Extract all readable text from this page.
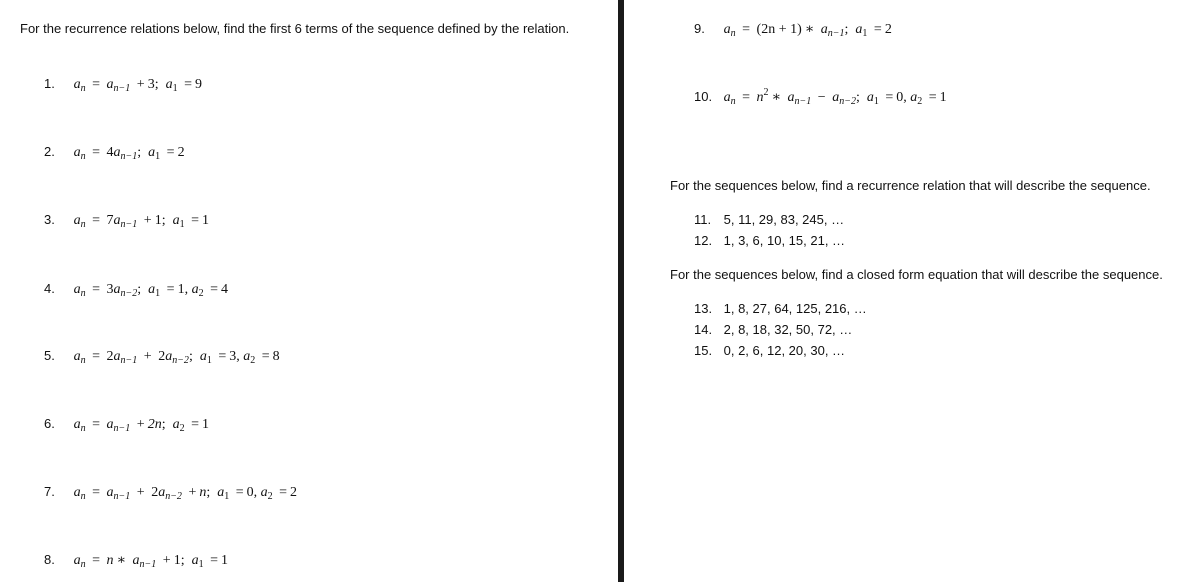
For the recurrence relations below, find the first 6 terms of the sequence defined by the relation.

1. $a_n = a_{n-1} + 3$; $a_1 = 9$
2. $a_n = 4a_{n-1}$; $a_1 = 2$
3. $a_n = 7a_{n-1} + 1$; $a_1 = 1$
4. $a_n = 3a_{n-2}$; $a_1 = 1$, $a_2 = 4$
5. $a_n = 2a_{n-1} + 2a_{n-2}$; $a_1 = 3$, $a_2 = 8$
6. $a_n = a_{n-1} + 2n$; $a_2 = 1$
7. $a_n = a_{n-1} + 2a_{n-2} + n$; $a_1 = 0$, $a_2 = 2$
8. $a_n = n$ ∗ $a_{n-1} + 1$; $a_1 = 1$
9. $a_n = (2n + 1)$ ∗ $a_{n-1}$; $a_1 = 2$
10. $a_n = n^2$ ∗ $a_{n-1} - a_{n-2}$; $a_1 = 0$, $a_2 = 1$

For the sequences below, find a recurrence relation that will describe the sequence.

11. 5, 11, 29, 83, 245, …
12. 1, 3, 6, 10, 15, 21, …

For the sequences below, find a closed form equation that will describe the sequence.

13. 1, 8, 27, 64, 125, 216, …
14. 2, 8, 18, 32, 50, 72, …
15. 0, 2, 6, 12, 20, 30, …
